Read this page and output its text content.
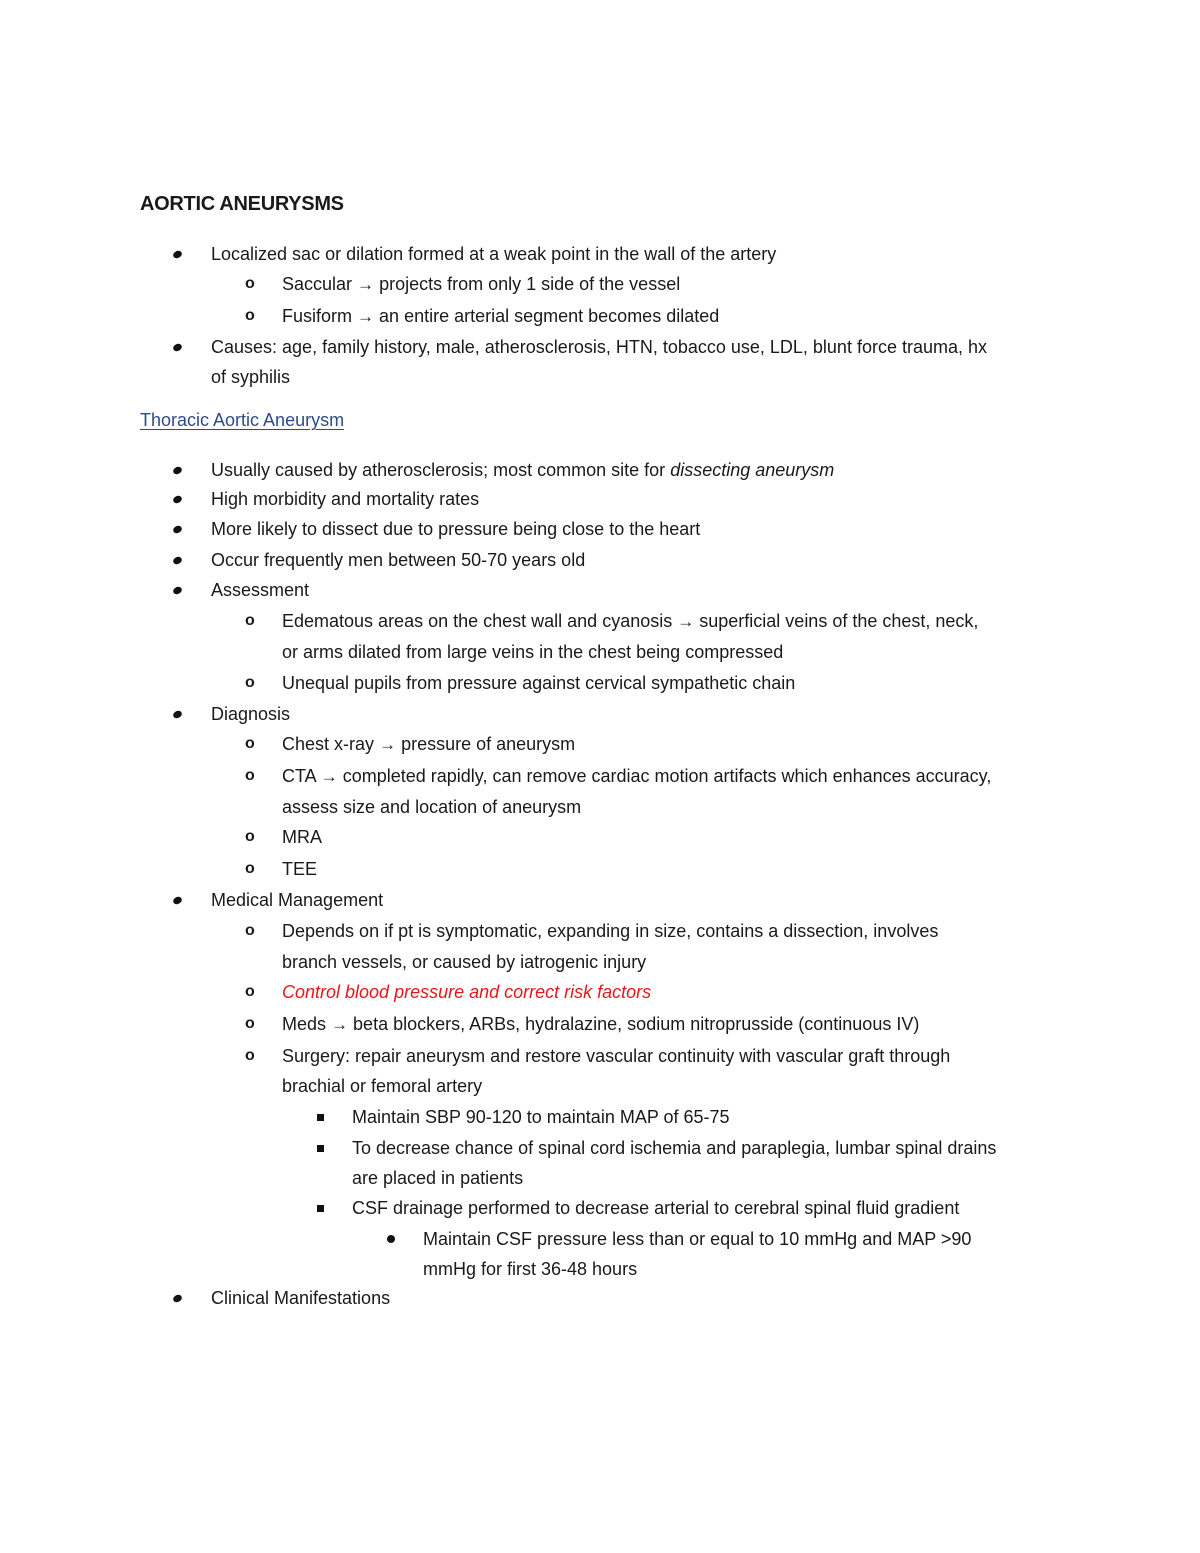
AORTIC ANEURYSMS
Localized sac or dilation formed at a weak point in the wall of the artery
o Saccular → projects from only 1 side of the vessel
o Fusiform → an entire arterial segment becomes dilated
Causes: age, family history, male, atherosclerosis, HTN, tobacco use, LDL, blunt force trauma, hx
of syphilis
Thoracic Aortic Aneurysm
Usually caused by atherosclerosis; most common site for dissecting aneurysm
High morbidity and mortality rates
More likely to dissect due to pressure being close to the heart
Occur frequently men between 50-70 years old
Assessment
o Edematous areas on the chest wall and cyanosis → superficial veins of the chest, neck,
or arms dilated from large veins in the chest being compressed
o Unequal pupils from pressure against cervical sympathetic chain
Diagnosis
o Chest x-ray → pressure of aneurysm
o CTA → completed rapidly, can remove cardiac motion artifacts which enhances accuracy,
assess size and location of aneurysm
o MRA
o TEE
Medical Management
o Depends on if pt is symptomatic, expanding in size, contains a dissection, involves
branch vessels, or caused by iatrogenic injury
o Control blood pressure and correct risk factors
o Meds → beta blockers, ARBs, hydralazine, sodium nitroprusside (continuous IV)
o Surgery: repair aneurysm and restore vascular continuity with vascular graft through
brachial or femoral artery
Maintain SBP 90-120 to maintain MAP of 65-75
To decrease chance of spinal cord ischemia and paraplegia, lumbar spinal drains
are placed in patients
CSF drainage performed to decrease arterial to cerebral spinal fluid gradient
Maintain CSF pressure less than or equal to 10 mmHg and MAP >90
mmHg for first 36-48 hours
Clinical Manifestations
